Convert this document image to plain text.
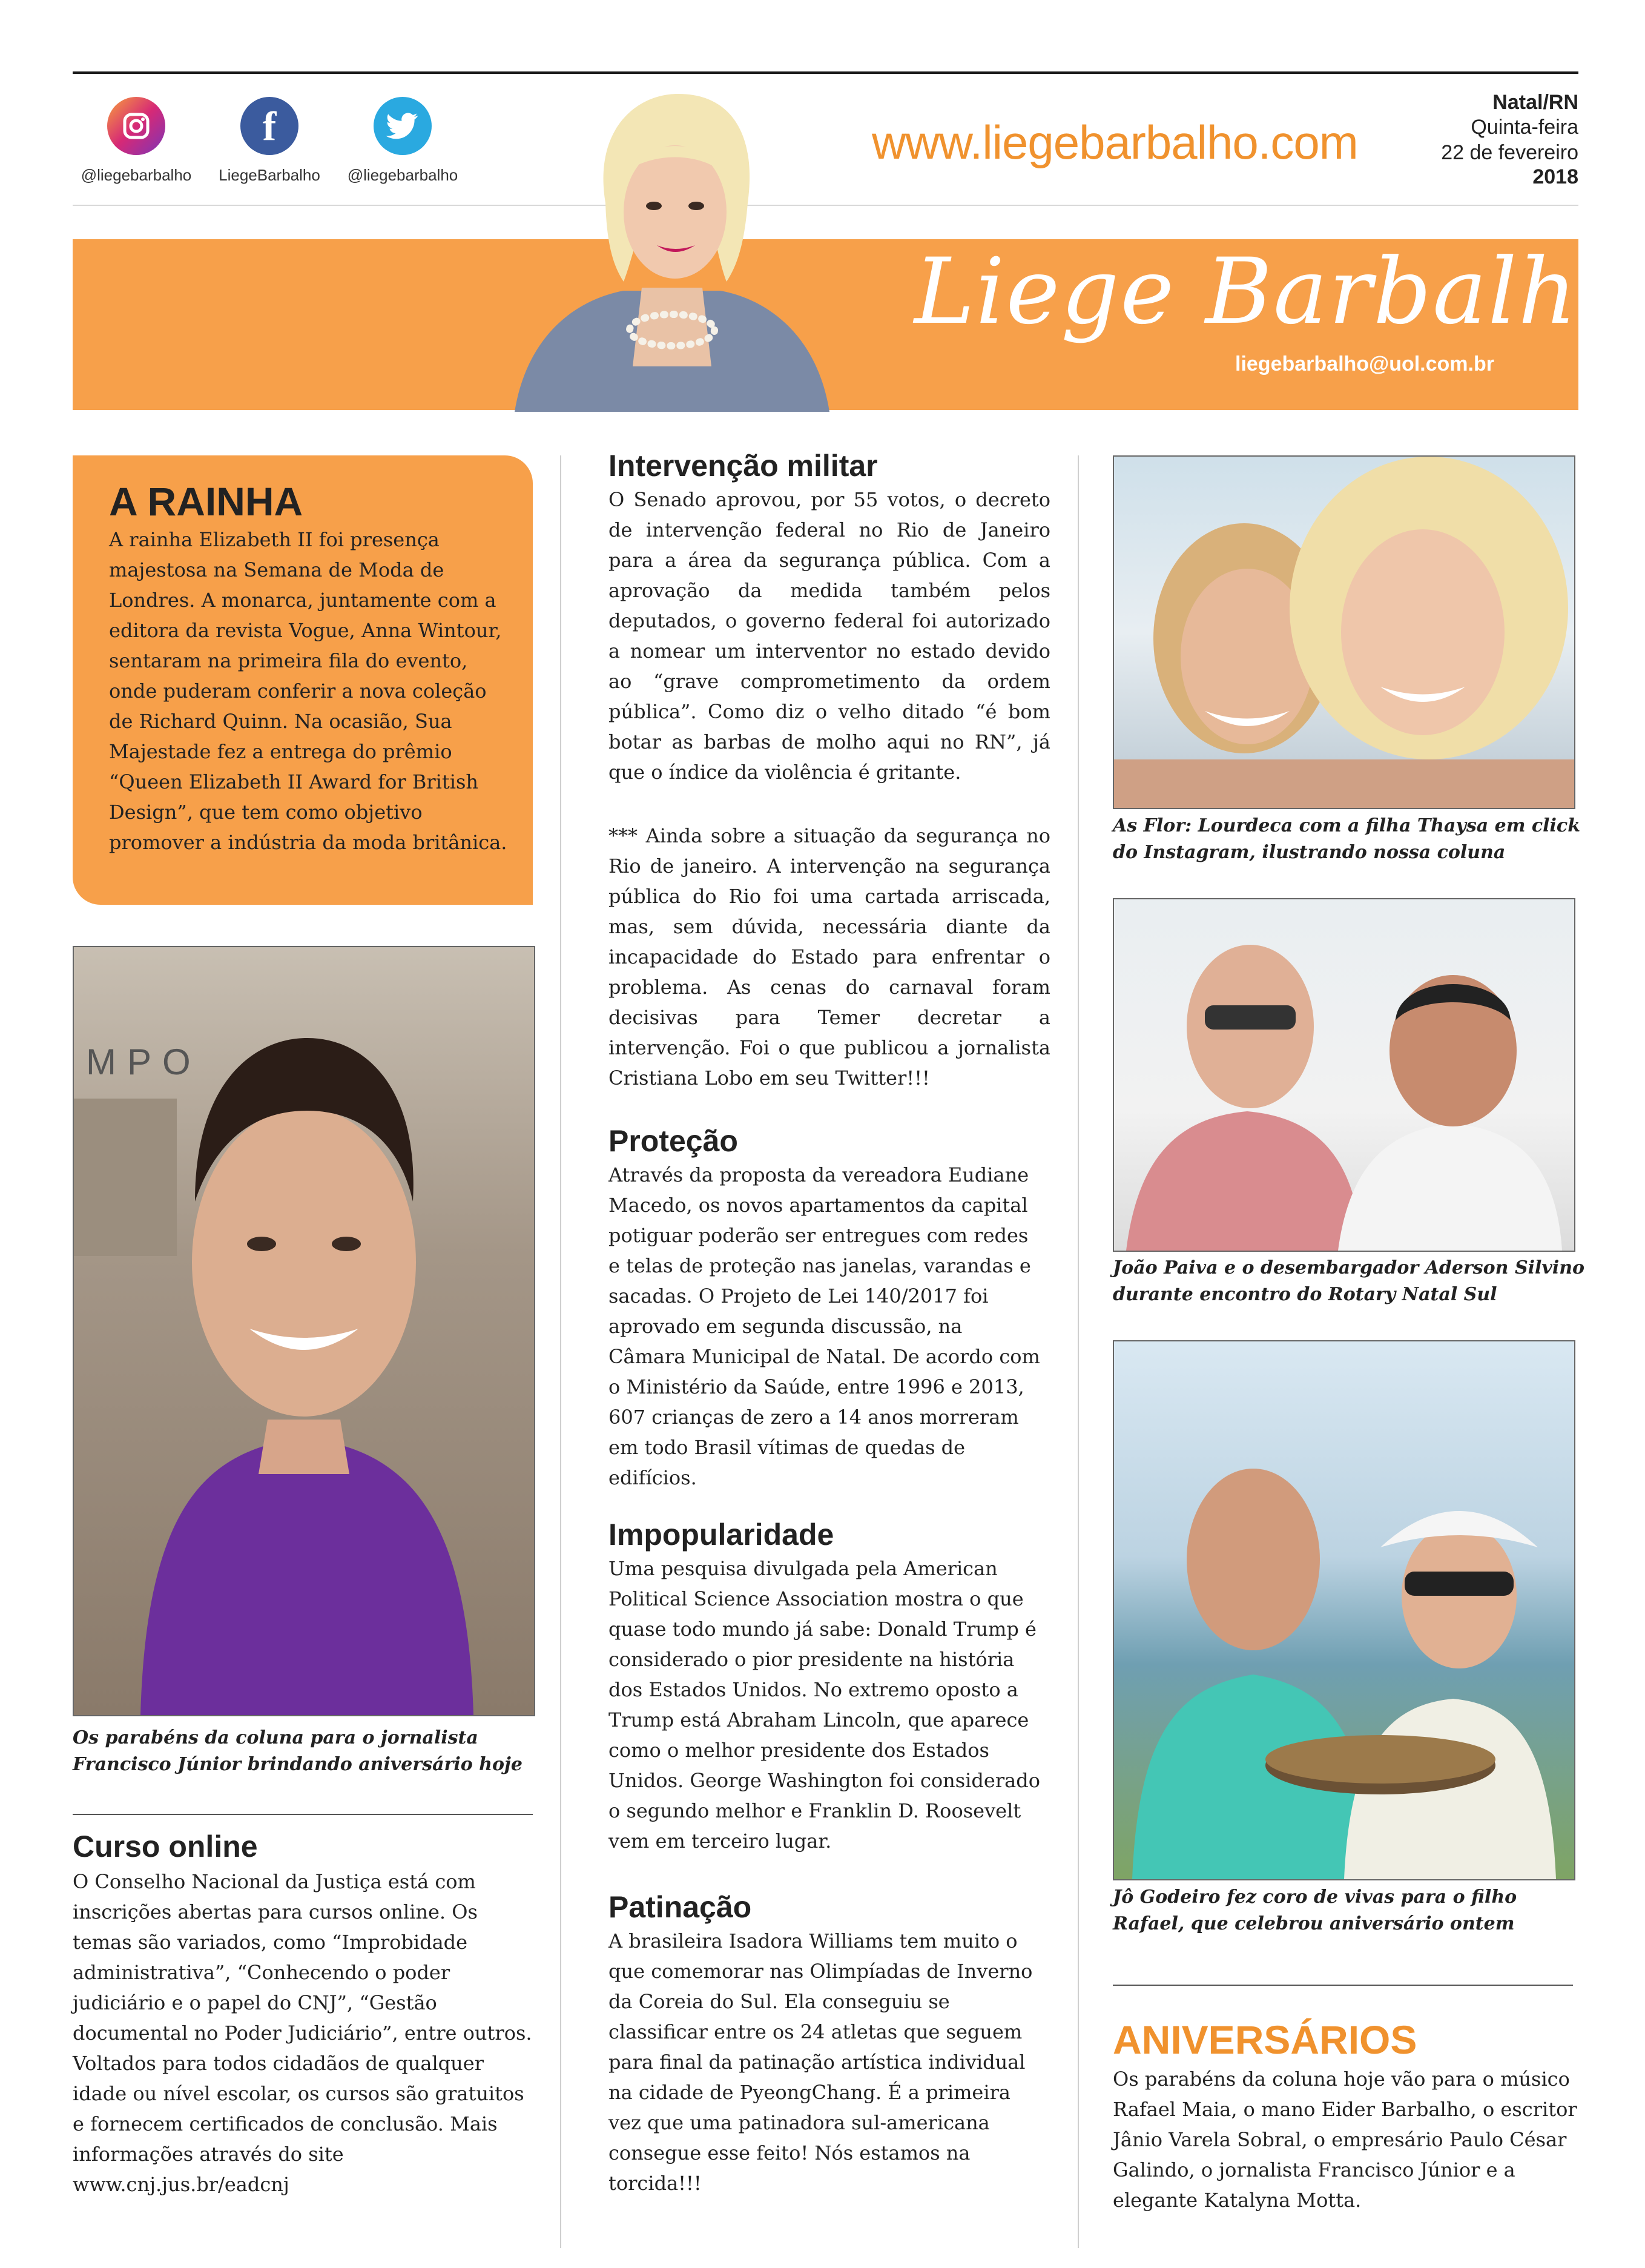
@liegebarbalho
f
LiegeBarbalho	@liegebarbalho
www.liegebarbalho.com
Natal/RN
Quinta-feira
22 de fevereiro
2018
Liege Barbalho
liegebarbalho@uol.com.br
A RAINHA
A rainha Elizabeth II foi presença majestosa na Semana de Moda de Londres. A monarca, juntamente com a editora da revista Vogue, Anna Wintour, sentaram na primeira fila do evento, onde puderam conferir a nova coleção de Richard Quinn. Na ocasião, Sua Majestade fez a entrega do prêmio “Queen Elizabeth II Award for British Design”, que tem como objetivo promover a indústria da moda britânica.
MPO
Os parabéns da coluna para o jornalista Francisco Júnior brindando aniversário hoje
Curso online
O Conselho Nacional da Justiça está com inscrições abertas para cursos online. Os temas são variados, como “Improbidade administrativa”, “Conhecendo o poder judiciário e o papel do CNJ”, “Gestão documental no Poder Judiciário”, entre outros. Voltados para todos cidadãos de qualquer idade ou nível escolar, os cursos são gratuitos e fornecem certificados de conclusão. Mais informações através do site www.cnj.jus.br/eadcnj
Intervenção militar
O Senado aprovou, por 55 votos, o decreto de intervenção federal no Rio de Janeiro para a área da segurança pública. Com a aprovação da medida também pelos deputados, o governo federal foi autorizado a nomear um interventor no estado devido ao “grave comprometimento da ordem pública”. Como diz o velho ditado “é bom botar as barbas de molho aqui no RN”, já que o índice da violência é gritante.
*** Ainda sobre a situação da segurança no Rio de janeiro. A intervenção na segurança pública do Rio foi uma cartada arriscada, mas, sem dúvida, necessária diante da incapacidade do Estado para enfrentar o problema. As cenas do carnaval foram decisivas para Temer decretar a intervenção. Foi o que publicou a jornalista Cristiana Lobo em seu Twitter!!!
Proteção
Através da proposta da vereadora Eudiane Macedo, os novos apartamentos da capital potiguar poderão ser entregues com redes e telas de proteção nas janelas, varandas e sacadas. O Projeto de Lei 140/2017 foi aprovado em segunda discussão, na Câmara Municipal de Natal. De acordo com o Ministério da Saúde, entre 1996 e 2013, 607 crianças de zero a 14 anos morreram em todo Brasil vítimas de quedas de edifícios.
Impopularidade
Uma pesquisa divulgada pela American Political Science Association mostra o que quase todo mundo já sabe: Donald Trump é considerado o pior presidente na história dos Estados Unidos. No extremo oposto a Trump está Abraham Lincoln, que aparece como o melhor presidente dos Estados Unidos. George Washington foi considerado o segundo melhor e Franklin D. Roosevelt vem em terceiro lugar.
Patinação
A brasileira Isadora Williams tem muito o que comemorar nas Olimpíadas de Inverno da Coreia do Sul. Ela conseguiu se classificar entre os 24 atletas que seguem para final da patinação artística individual na cidade de PyeongChang. É a primeira vez que uma patinadora sul-americana consegue esse feito! Nós estamos na torcida!!!
As Flor: Lourdeca com a filha Thaysa em click do Instagram, ilustrando nossa coluna
João Paiva e o desembargador Aderson Silvino durante encontro do Rotary Natal Sul
Jô Godeiro fez coro de vivas para o filho Rafael, que celebrou aniversário ontem
ANIVERSÁRIOS
Os parabéns da coluna hoje vão para o músico Rafael Maia, o mano Eider Barbalho, o escritor Jânio Varela Sobral, o empresário Paulo César Galindo, o jornalista Francisco Júnior e a elegante Katalyna Motta.
